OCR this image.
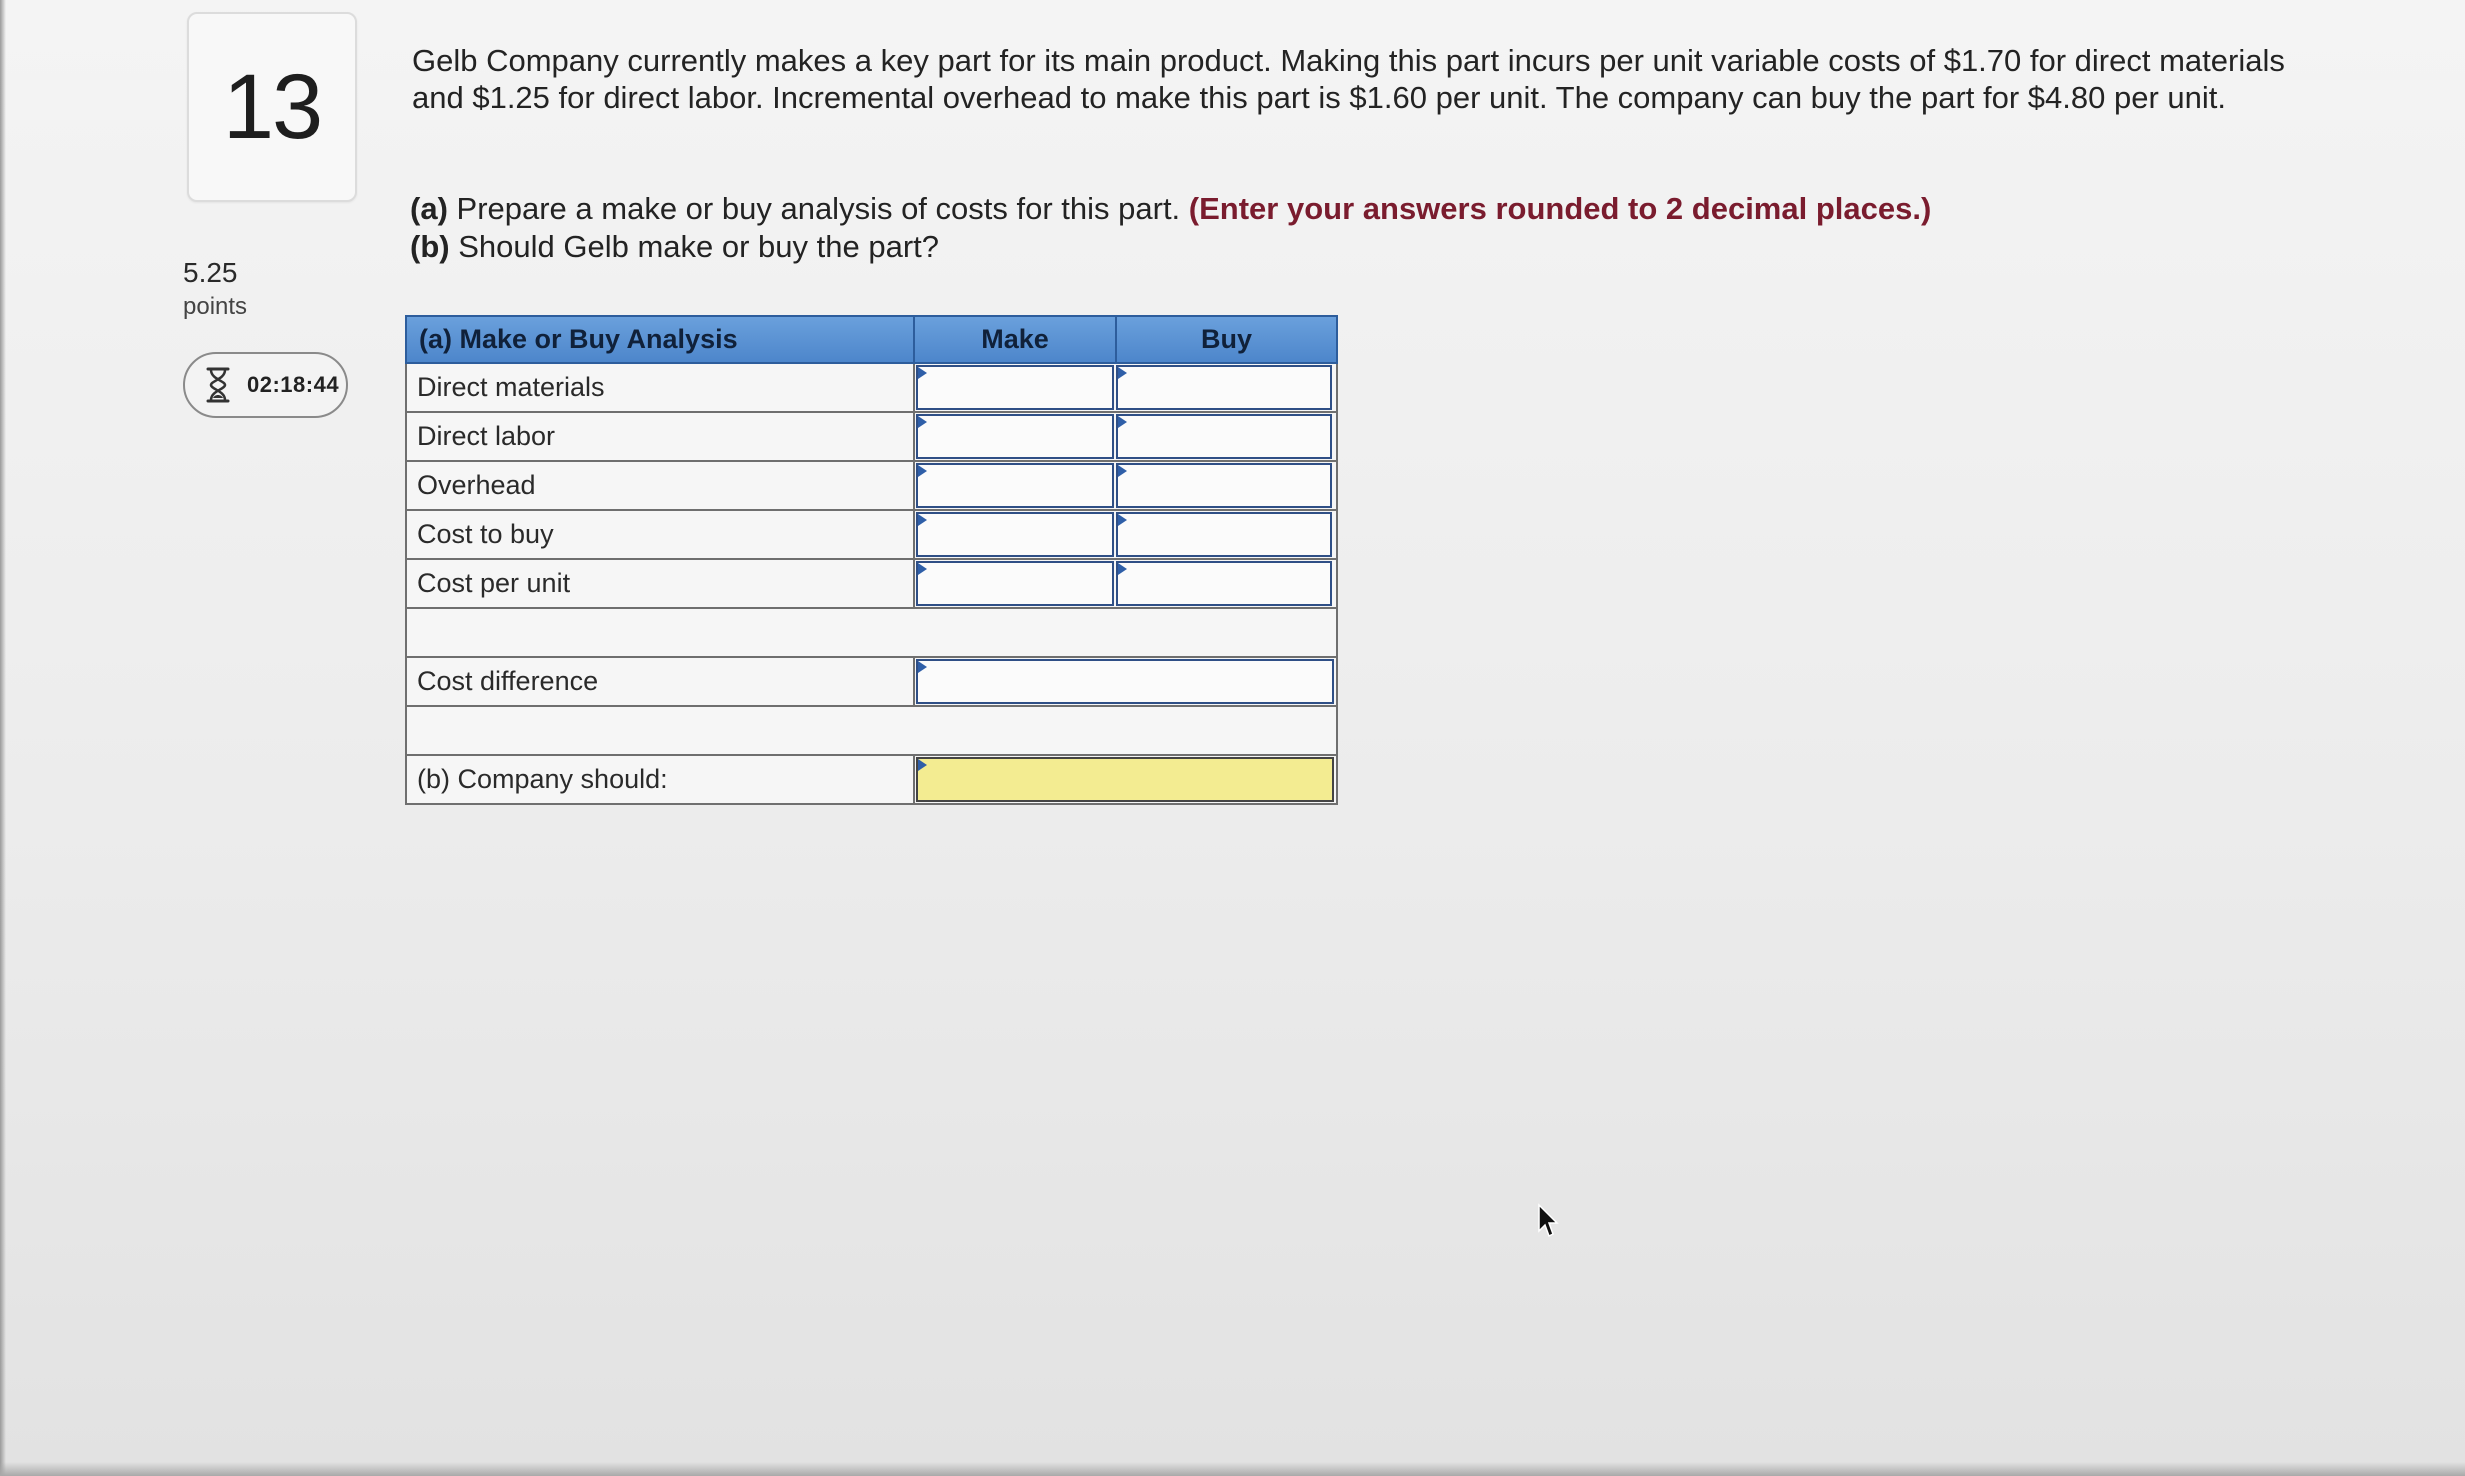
13
5.25
points
02:18:44
Gelb Company currently makes a key part for its main product. Making this part incurs per unit variable costs of $1.70 for direct materials and $1.25 for direct labor. Incremental overhead to make this part is $1.60 per unit. The company can buy the part for $4.80 per unit.
(a) Prepare a make or buy analysis of costs for this part. (Enter your answers rounded to 2 decimal places.)
(b) Should Gelb make or buy the part?
(a) Make or Buy Analysis	Make	Buy
Direct materials
Direct labor
Overhead
Cost to buy
Cost per unit
Cost difference
(b) Company should:
